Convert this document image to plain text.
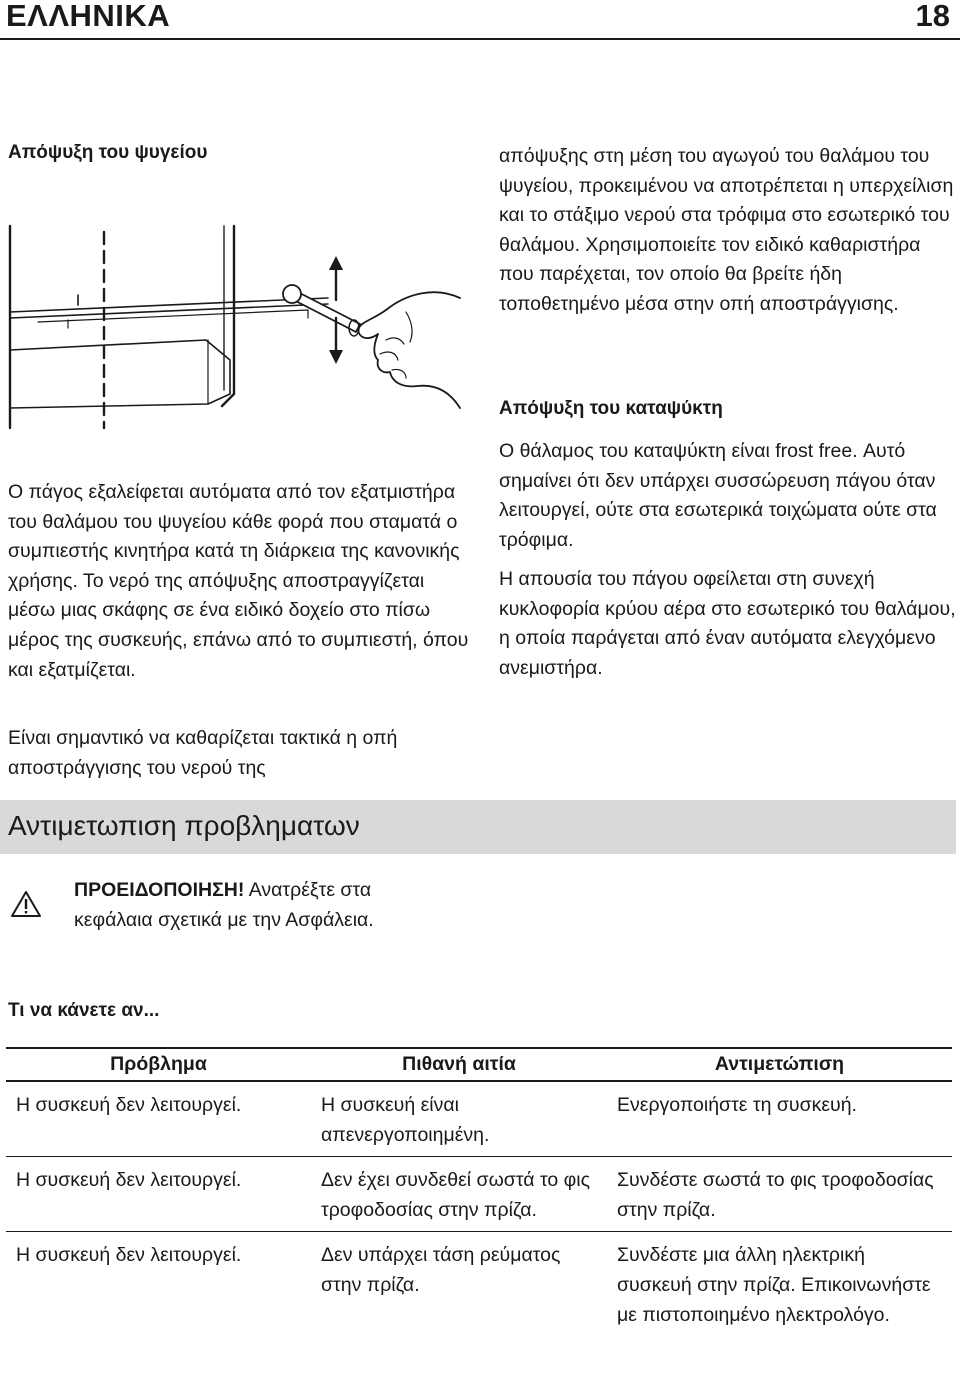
ΕΛΛΗΝΙΚΑ	18
Απόψυξη του ψυγείου
Ο πάγος εξαλείφεται αυτόματα από τον εξατμιστήρα του θαλάμου του ψυγείου κάθε φορά που σταματά ο συμπιεστής κινητήρα κατά τη διάρκεια της κανονικής χρήσης. Το νερό της απόψυξης αποστραγγίζεται μέσω μιας σκάφης σε ένα ειδικό δοχείο στο πίσω μέρος της συσκευής, επάνω από το συμπιεστή, όπου και εξατμίζεται.
Είναι σημαντικό να καθαρίζεται τακτικά η οπή αποστράγγισης του νερού της
απόψυξης στη μέση του αγωγού του θαλάμου του ψυγείου, προκειμένου να αποτρέπεται η υπερχείλιση και το στάξιμο νερού στα τρόφιμα στο εσωτερικό του θαλάμου. Χρησιμοποιείτε τον ειδικό καθαριστήρα που παρέχεται, τον οποίο θα βρείτε ήδη τοποθετημένο μέσα στην οπή αποστράγγισης.
Απόψυξη του καταψύκτη
Ο θάλαμος του καταψύκτη είναι frost free. Αυτό σημαίνει ότι δεν υπάρχει συσσώρευση πάγου όταν λειτουργεί, ούτε στα εσωτερικά τοιχώματα ούτε στα τρόφιμα.
Η απουσία του πάγου οφείλεται στη συνεχή κυκλοφορία κρύου αέρα στο εσωτερικό του θαλάμου, η οποία παράγεται από έναν αυτόματα ελεγχόμενο ανεμιστήρα.
Αντιμετωπιση προβληματων
ΠΡΟΕΙΔΟΠΟΙΗΣΗ! Ανατρέξτε στα κεφάλαια σχετικά με την Ασφάλεια.
Τι να κάνετε αν...
Πρόβλημα	Πιθανή αιτία	Αντιμετώπιση
Η συσκευή δεν λειτουργεί.	Η συσκευή είναι απενεργοποιημένη.	Ενεργοποιήστε τη συσκευή.
Η συσκευή δεν λειτουργεί.	Δεν έχει συνδεθεί σωστά το φις τροφοδοσίας στην πρίζα.	Συνδέστε σωστά το φις τροφοδοσίας στην πρίζα.
Η συσκευή δεν λειτουργεί.	Δεν υπάρχει τάση ρεύματος στην πρίζα.	Συνδέστε μια άλλη ηλεκτρική συσκευή στην πρίζα. Επικοινωνήστε με πιστοποιημένο ηλεκτρολόγο.
